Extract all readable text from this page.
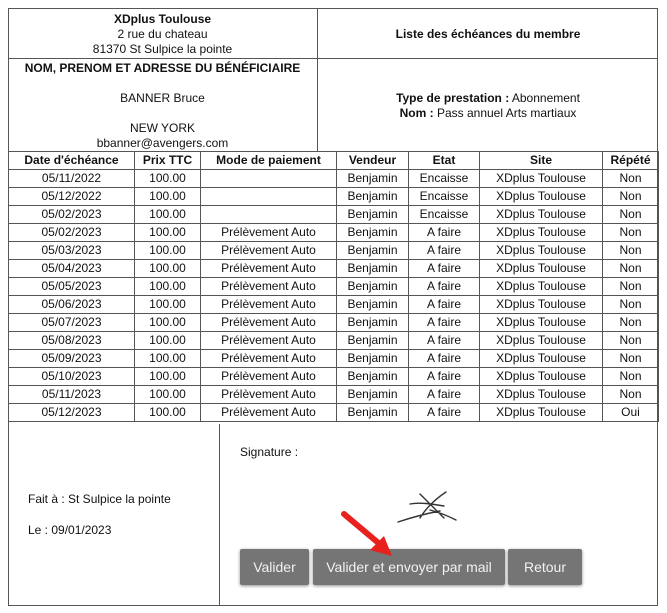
XDplus Toulouse
2 rue du chateau
81370 St Sulpice la pointe
Liste des échéances du membre
NOM, PRENOM ET ADRESSE DU BÉNÉFICIAIRE
BANNER Bruce
NEW YORK
bbanner@avengers.com
Type de prestation : Abonnement
Nom : Pass annuel Arts martiaux
Date d'échéance	Prix TTC	Mode de paiement	Vendeur	Etat	Site	Répété
05/11/2022	100.00		Benjamin	Encaisse	XDplus Toulouse	Non
05/12/2022	100.00		Benjamin	Encaisse	XDplus Toulouse	Non
05/02/2023	100.00		Benjamin	Encaisse	XDplus Toulouse	Non
05/02/2023	100.00	Prélèvement Auto	Benjamin	A faire	XDplus Toulouse	Non
05/03/2023	100.00	Prélèvement Auto	Benjamin	A faire	XDplus Toulouse	Non
05/04/2023	100.00	Prélèvement Auto	Benjamin	A faire	XDplus Toulouse	Non
05/05/2023	100.00	Prélèvement Auto	Benjamin	A faire	XDplus Toulouse	Non
05/06/2023	100.00	Prélèvement Auto	Benjamin	A faire	XDplus Toulouse	Non
05/07/2023	100.00	Prélèvement Auto	Benjamin	A faire	XDplus Toulouse	Non
05/08/2023	100.00	Prélèvement Auto	Benjamin	A faire	XDplus Toulouse	Non
05/09/2023	100.00	Prélèvement Auto	Benjamin	A faire	XDplus Toulouse	Non
05/10/2023	100.00	Prélèvement Auto	Benjamin	A faire	XDplus Toulouse	Non
05/11/2023	100.00	Prélèvement Auto	Benjamin	A faire	XDplus Toulouse	Non
05/12/2023	100.00	Prélèvement Auto	Benjamin	A faire	XDplus Toulouse	Oui
Fait à : St Sulpice la pointe
Le : 09/01/2023
Signature :
Valider	Valider et envoyer par mail	Retour
